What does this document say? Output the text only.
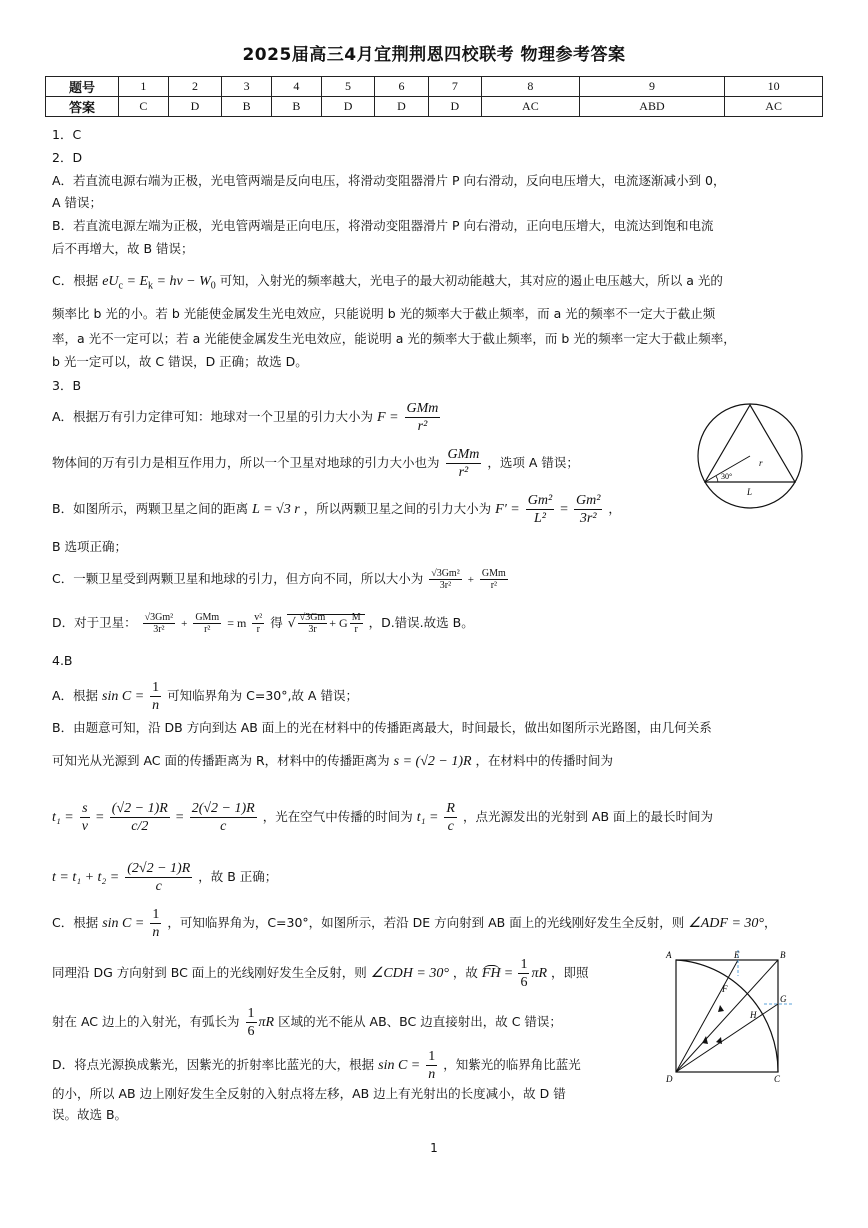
2025届高三4月宜荆荆恩四校联考 物理参考答案
题号	1	2	3	4	5	6	7	8	9	10
答案	C	D	B	B	D	D	D	AC	ABD	AC
1．C
2．D
A．若直流电源右端为正极，光电管两端是反向电压，将滑动变阻器滑片 P 向右滑动，反向电压增大，电流逐渐减小到 0，
A 错误；
B．若直流电源左端为正极，光电管两端是正向电压，将滑动变阻器滑片 P 向右滑动，正向电压增大，电流达到饱和电流
后不再增大，故 B 错误；
C．根据 $eU_c = E_k = h\nu - W_0$ 可知，入射光的频率越大，光电子的最大初动能越大，其对应的遏止电压越大，所以 a 光的
频率比 b 光的小。若 b 光能使金属发生光电效应，只能说明 b 光的频率大于截止频率，而 a 光的频率不一定大于截止频
率，a 光不一定可以；若 a 光能使金属发生光电效应，能说明 a 光的频率大于截止频率，而 b 光的频率一定大于截止频率，
b 光一定可以，故 C 错误，D 正确；故选 D。
3．B
A．根据万有引力定律可知：地球对一个卫星的引力大小为 $F = \frac{\text{GMm}}{\text{r²}}$
物体间的万有引力是相互作用力，所以一个卫星对地球的引力大小也为 $\frac{\text{GMm}}{\text{r²}}$ ，选项 A 错误；
B．如图所示，两颗卫星之间的距离 L = √3 r ，所以两颗卫星之间的引力大小为 $F' = \frac{\text{Gm²}}{\text{L²}} = \frac{\text{Gm²}}{\text{3r²}}$ ，
B 选项正确；
C．一颗卫星受到两颗卫星和地球的引力，但方向不同，所以大小为 $\frac{\text{√3Gm²}}{\text{3r²}} + \frac{\text{GMm}}{\text{r²}}$
D．对于卫星： $\frac{\text{√3Gm²}}{\text{3r²}} + \frac{\text{GMm}}{\text{r²}} = m \frac{\text{v²}}{r}$ 得 √ $\frac{√3Gm}{3r} + G \frac{M}{r}$ ，D.错误.故选 B。
30°
r
L
4.B
A．根据 $\sin C = \frac{1}{n}$ 可知临界角为 C=30°,故 A 错误；
B．由题意可知，沿 DB 方向到达 AB 面上的光在材料中的传播距离最大，时间最长，做出如图所示光路图，由几何关系
可知光从光源到 AC 面的传播距离为 R，材料中的传播距离为 s = (√2 − 1)R ，在材料中的传播时间为
$t_1 = \frac{s}{v} = \frac{(√2 - 1)R}{c/2} = \frac{2(√2 - 1)R}{c}$ ，光在空气中传播的时间为 $t_1 = \frac{R}{c}$ ，点光源发出的光射到 AB 面上的最长时间为
$t = t_1 + t_2 = \frac{(2√2 - 1)R}{c}$ ，故 B 正确；
C．根据 $\sin C = \frac{1}{n}$ ，可知临界角为，C=30°，如图所示，若沿 DE 方向射到 AB 面上的光线刚好发生全反射，则 ∠ADF = 30°，
同理沿 DG 方向射到 BC 面上的光线刚好发生全反射，则 ∠CDH = 30° ，故 FH = $\frac{1}{6}$ πR ，即照
射在 AC 边上的入射光，有弧长为 $\frac{1}{6}$ πR 区域的光不能从 AB、BC 边直接射出，故 C 错误；
D．将点光源换成紫光，因紫光的折射率比蓝光的大，根据 $\sin C = \frac{1}{n}$ ，知紫光的临界角比蓝光
的小，所以 AB 边上刚好发生全反射的入射点将左移，AB 边上有光射出的长度减小，故 D 错
误。故选 B。
A	E	B
F
G
H
D	C
1
